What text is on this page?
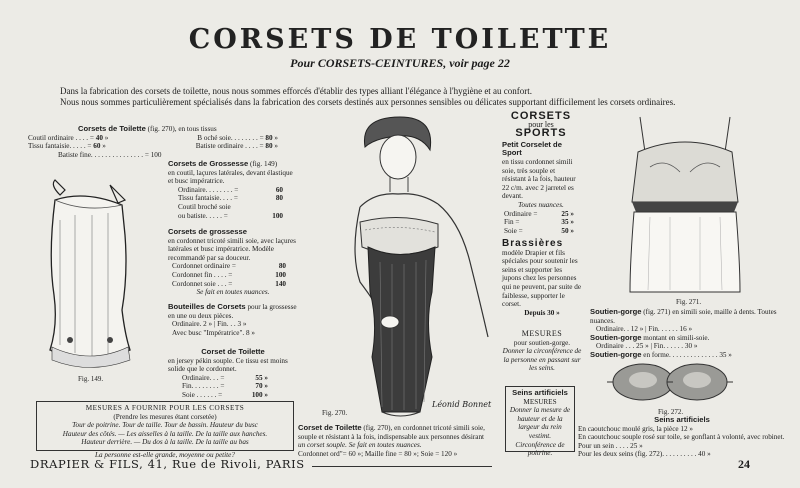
CORSETS DE TOILETTE
Pour CORSETS-CEINTURES, voir page 22

Dans la fabrication des corsets de toilette, nous nous sommes efforcés d'établir des types alliant l'élégance à l'hygiène et au confort.

Nous nous sommes particulièrement spécialisés dans la fabrication des corsets destinés aux personnes sensibles ou délicates supportant difficilement les corsets ordinaires.

Corsets de Toilette (fig. 270), en tous tissus
Coutil ordinaire . . . . = 40 »	B oché soie. . . . . . . . = 80 »
Tissu fantaisie. . . . . = 60 »	Batiste ordinaire . . . . = 80 »
Batiste fine. . . . . . . . . . . . . . . = 100
Fig. 149.
Corsets de Grossesse (fig. 149)
en coutil, laçures latérales, devant élastique et busc impératrice.
Ordinaire. . . . . . . . =	60
Tissu fantaisie. . . . =	80
Coutil broché soie
ou batiste. . . . . =	100
Corsets de grossesse
en cordonnet tricoté simili soie, avec laçures latérales et busc impératrice. Modèle recommandé par sa douceur.
Cordonnet ordinaire =	80
Cordonnet fin . . . . =	100
Cordonnet soie . . . =	140
Se fait en toutes nuances.
Bouteilles de Corsets pour la grossesse en une ou deux pièces.
Ordinaire. 2 » | Fin. . . 3 »
Avec busc "Impératrice". 8 »
Corset de Toilette
en jersey pékin souple. Ce tissu est moins solide que le cordonnet.
Ordinaire. . . =	55 »
Fin. . . . . . . . =	70 »
Soie . . . . . . =	100 »
MESURES A FOURNIR POUR LES CORSETS
(Prendre les mesures étant corsetée)
Tour de poitrine. Tour de taille. Tour de bassin. Hauteur du busc
Hauteur des côtés. — Les aisselles à la taille. De la taille aux hanches.
Hauteur derrière. — Du dos à la taille. De la taille au bas
La personne est-elle grande, moyenne ou petite?
Fig. 270.
Léonid Bonnet
Corset de Toilette (fig. 270), en cordonnet tricoté simili soie,
souple et résistant à la fois, indispensable aux personnes désirant
un corset souple. Se fait en toutes nuances.
Cordonnet ord"= 60 »; Maille fine = 80 »; Soie = 120 »
CORSETS
pour les
SPORTS
Petit Corselet de Sport
en tissu cordonnet simili soie, très souple et résistant à la fois, hauteur 22 c/m. avec 2 jarretel es devant.
Toutes nuances.
Ordinaire =	25 »
Fin =	35 »
Soie =	50 »
Brassières
modèle Drapier et fils spéciales pour soutenir les seins et supporter les jupons chez les personnes qui ne peuvent, par suite de faiblesse, supporter le corset.
Depuis 30 »
MESURES
pour soutien-gorge.
Donner la circonférence de la personne en passant sur les seins.
Seins artificiels
MESURES
Donner la mesure de hauteur et de la largeur du rein vestimt. Circonférence de poitrine.
Fig. 271.
Soutien-gorge (fig. 271) en simili soie, maille à dents. Toutes nuances.
Ordinaire. . 12 » | Fin. . . . . . 16 »
Soutien-gorge montant en simili-soie.
Ordinaire . . . 25 » | Fin. . . . . . 30 »
Soutien-gorge en forme. . . . . . . . . . . . . . 35 »
Fig. 272.
Seins artificiels
En caoutchouc moulé gris, la pièce 12 »
En caoutchouc souple rosé sur toile, se gonflant à volonté, avec robinet. Pour un sein . . . . 25 »
Pour les deux seins (fig. 272). . . . . . . . . . 40 »
DRAPIER & FILS, 41, Rue de Rivoli, PARIS	24
